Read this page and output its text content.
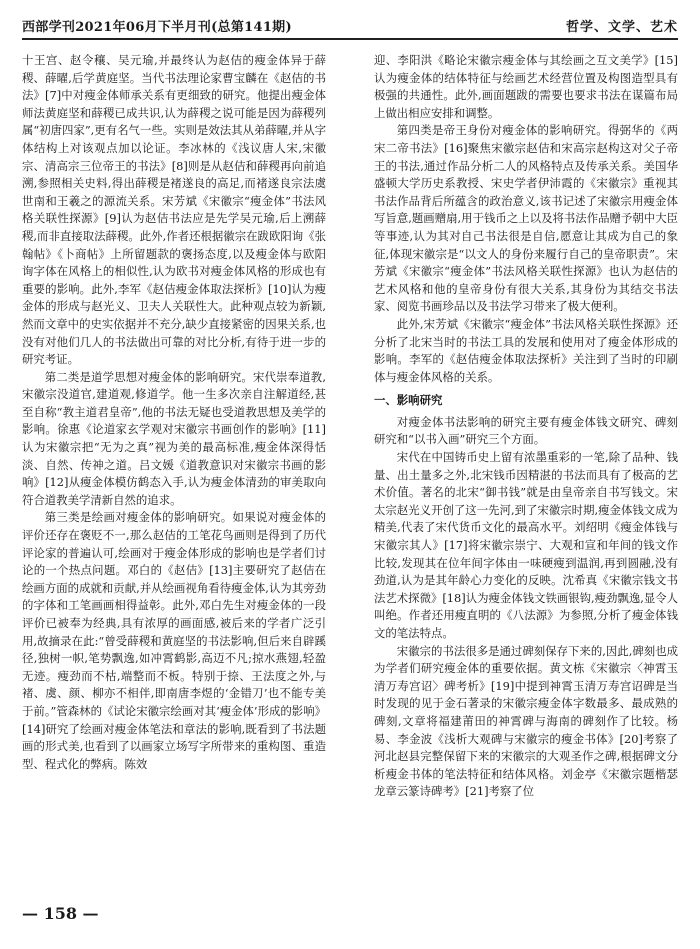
西部学刊2021年06月下半月刊(总第141期)	哲学、文学、艺术

十王宫、赵令穰、吴元瑜,并最终认为赵佶的瘦金体异于薛稷、薛曜,后学黄庭坚。当代书法理论家曹宝麟在《赵佶的书法》[7]中对瘦金体师承关系有更细致的研究。他提出瘦金体师法黄庭坚和薛稷已成共识,认为薛稷之说可能是因为薛稷列属“初唐四家”,更有名气一些。实则是效法其从弟薛曜,并从字体结构上对该观点加以论证。李冰林的《浅议唐人宋,宋徽宗、清高宗三位帝王的书法》[8]则是从赵佶和薛稷再向前追溯,参照相关史料,得出薛稷是褚遂良的高足,而褚遂良宗法虞世南和王羲之的源流关系。宋芳斌《宋徽宗“瘦金体”书法风格关联性探源》[9]认为赵佶书法应是先学吴元瑜,后上溯薛稷,而非直接取法薛稷。此外,作者还根据徽宗在跋欧阳询《张翰帖》《卜商帖》上所留题款的褒扬态度,以及瘦金体与欧阳询字体在风格上的相似性,认为欧书对瘦金体风格的形成也有重要的影响。此外,李军《赵佶瘦金体取法探析》[10]认为瘦金体的形成与赵光义、卫夫人关联性大。此种观点较为新颖,然而文章中的史实依据并不充分,缺少直接紧密的因果关系,也没有对他们几人的书法做出可靠的对比分析,有待于进一步的研究考证。

第二类是道学思想对瘦金体的影响研究。宋代崇奉道教,宋徽宗没道官,建道观,修道学。他一生多次亲自注解道经,甚至自称“教主道君皇帝”,他的书法无疑也受道教思想及美学的影响。徐惠《论道家玄学观对宋徽宗书画创作的影响》[11]认为宋徽宗把“无为之真”视为美的最高标准,瘦金体深得恬淡、自然、传神之道。吕文媛《道教意识对宋徽宗书画的影响》[12]从瘦金体模仿鹤态入手,认为瘦金体清劲的审美取向符合道教美学清新自然的追求。

第三类是绘画对瘦金体的影响研究。如果说对瘦金体的评价还存在褒贬不一,那么赵佶的工笔花鸟画则是得到了历代评论家的普遍认可,绘画对于瘦金体形成的影响也是学者们讨论的一个热点问题。邓白的《赵佶》[13]主要研究了赵佶在绘画方面的成就和贡献,并从绘画视角看待瘦金体,认为其旁劲的字体和工笔画画相得益彰。此外,邓白先生对瘦金体的一段评价已被奉为经典,具有浓厚的画面感,被后来的学者广泛引用,故摘录在此:“曾受薛稷和黄庭坚的书法影响,但后来自辟蹊径,独树一帜,笔势飘逸,如冲霄鹤影,高迈不凡;掠水燕翅,轻盈无迹。瘦劲而不枯,端整而不板。特别于捺、王法度之外,与褚、虞、颜、柳亦不相伴,即南唐李煜的‘金错刀’也不能专美于前。”管森林的《试论宋徽宗绘画对其‘瘦金体’形成的影响》[14]研究了绘画对瘦金体笔法和章法的影响,既看到了书法题画的形式美,也看到了以画家立场写字所带来的重构图、重造型、程式化的弊病。陈效

迎、李阳洪《略论宋徽宗瘦金体与其绘画之互文美学》[15]认为瘦金体的结体特征与绘画艺术经营位置及构图造型具有极强的共通性。此外,画面题跋的需要也要求书法在谋篇布局上做出相应安排和调整。

第四类是帝王身份对瘦金体的影响研究。得弼华的《两宋二帝书法》[16]聚焦宋徽宗赵佶和宋高宗赵构这对父子帝王的书法,通过作品分析二人的风格特点及传承关系。美国华盛顿大学历史系教授、宋史学者伊沛霞的《宋徽宗》重视其书法作品背后所蕴含的政治意义,该书记述了宋徽宗用瘦金体写旨意,题画赠扇,用于钱币之上以及将书法作品赠予朝中大臣等事迹,认为其对自己书法很是自信,愿意让其成为自己的象征,体现宋徽宗是“以文人的身份来履行自己的皇帝职责”。宋芳斌《宋徽宗“瘦金体”书法风格关联性探源》也认为赵佶的艺术风格和他的皇帝身份有很大关系,其身份为其结交书法家、阅览书画珍品以及书法学习带来了极大便利。

此外,宋芳斌《宋徽宗“瘦金体”书法风格关联性探源》还分析了北宋当时的书法工具的发展和使用对了瘦金体形成的影响。李军的《赵佶瘦金体取法探析》关注到了当时的印刷体与瘦金体风格的关系。

一、影响研究

对瘦金体书法影响的研究主要有瘦金体钱文研究、碑刻研究和“以书入画”研究三个方面。

宋代在中国铸币史上留有浓墨重彩的一笔,除了品种、钱量、出土量多之外,北宋钱币因精湛的书法而具有了极高的艺术价值。著名的北宋“御书钱”就是由皇帝亲自书写钱文。宋太宗赵光义开创了这一先河,到了宋徽宗时期,瘦金体钱文成为精美,代表了宋代货币文化的最高水平。刘绍明《瘦金体钱与宋徽宗其人》[17]将宋徽宗崇宁、大观和宣和年间的钱文作比较,发现其在位年间字体由一味硬瘦到温润,再到圆融,没有劲道,认为是其年龄心力变化的反映。沈希真《宋徽宗钱文书法艺术探微》[18]认为瘦金体钱文铁画银钩,瘦劲飘逸,显令人叫绝。作者还用瘦直明的《八法源》为参照,分析了瘦金体钱文的笔法特点。

宋徽宗的书法很多是通过碑刻保存下来的,因此,碑刻也成为学者们研究瘦金体的重要依据。黄文栋《宋徽宗〈神霄玉清万寿宫诏〉碑考析》[19]中提到神霄玉清万寿宫诏碑是当时发现的见于金石著录的宋徽宗瘦金体字数最多、最成熟的碑刻,文章将福建莆田的神霄碑与海南的碑刻作了比较。杨易、李金波《浅析大观碑与宋徽宗的瘦金书体》[20]考察了河北赵县完整保留下来的宋徽宗的大观圣作之碑,根据碑文分析瘦金书体的笔法特征和结体风格。刘金亭《宋徽宗题楷瑟龙章云篆诗碑考》[21]考察了位

— 158 —
